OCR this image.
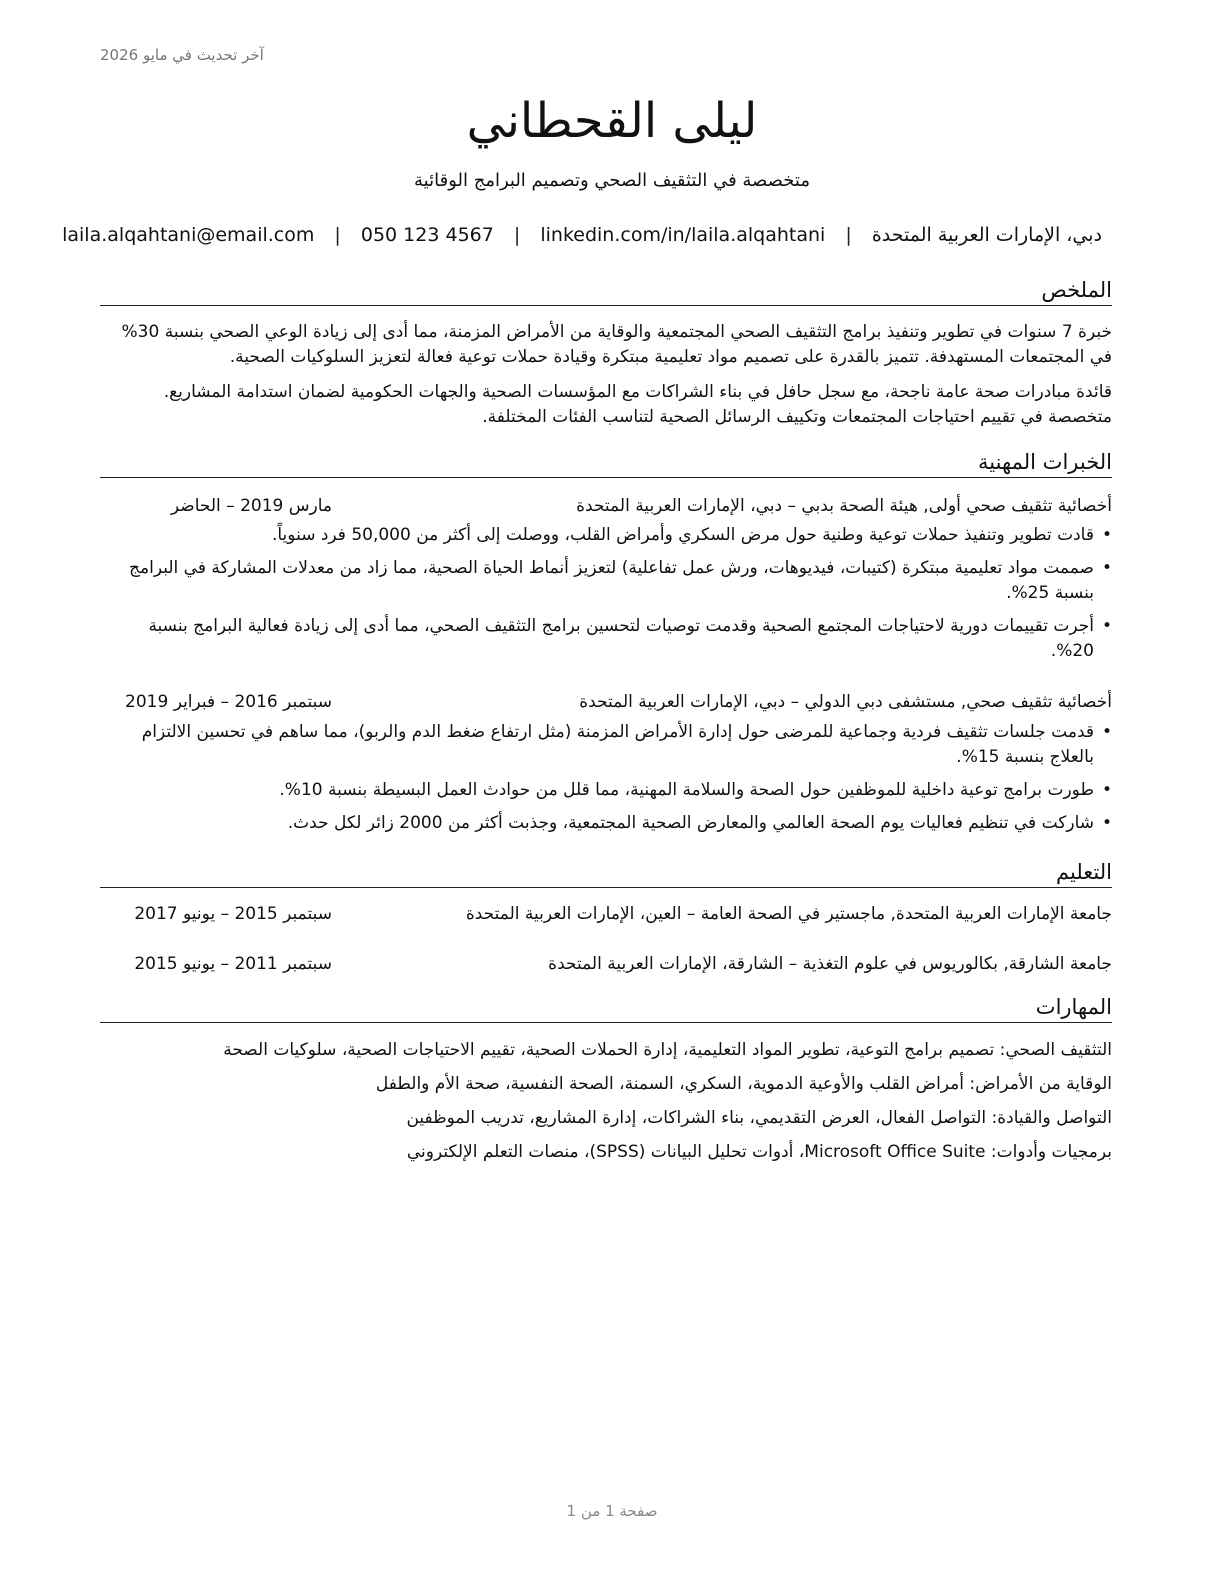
آخر تحديث في مايو 2026
ليلى القحطاني
متخصصة في التثقيف الصحي وتصميم البرامج الوقائية
دبي، الإمارات العربية المتحدة | laila.alqahtani@email.com | 050 123 4567 | linkedin.com/in/laila.alqahtani
الملخص

خبرة 7 سنوات في تطوير وتنفيذ برامج التثقيف الصحي المجتمعية والوقاية من الأمراض المزمنة، مما أدى إلى زيادة الوعي الصحي بنسبة 30% في المجتمعات المستهدفة. تتميز بالقدرة على تصميم مواد تعليمية مبتكرة وقيادة حملات توعية فعالة لتعزيز السلوكيات الصحية.

قائدة مبادرات صحة عامة ناجحة، مع سجل حافل في بناء الشراكات مع المؤسسات الصحية والجهات الحكومية لضمان استدامة المشاريع. متخصصة في تقييم احتياجات المجتمعات وتكييف الرسائل الصحية لتناسب الفئات المختلفة.

الخبرات المهنية
أخصائية تثقيف صحي أولى, هيئة الصحة بدبي – دبي، الإمارات العربية المتحدة
مارس 2019 – الحاضر
•
قادت تطوير وتنفيذ حملات توعية وطنية حول مرض السكري وأمراض القلب، ووصلت إلى أكثر من 50,000 فرد سنوياً.
•
صممت مواد تعليمية مبتكرة (كتيبات، فيديوهات، ورش عمل تفاعلية) لتعزيز أنماط الحياة الصحية، مما زاد من معدلات المشاركة في البرامج بنسبة 25%.
•
أجرت تقييمات دورية لاحتياجات المجتمع الصحية وقدمت توصيات لتحسين برامج التثقيف الصحي، مما أدى إلى زيادة فعالية البرامج بنسبة 20%.
أخصائية تثقيف صحي, مستشفى دبي الدولي – دبي، الإمارات العربية المتحدة
سبتمبر 2016 – فبراير 2019
•
قدمت جلسات تثقيف فردية وجماعية للمرضى حول إدارة الأمراض المزمنة (مثل ارتفاع ضغط الدم والربو)، مما ساهم في تحسين الالتزام بالعلاج بنسبة 15%.
•
طورت برامج توعية داخلية للموظفين حول الصحة والسلامة المهنية، مما قلل من حوادث العمل البسيطة بنسبة 10%.
•
شاركت في تنظيم فعاليات يوم الصحة العالمي والمعارض الصحية المجتمعية، وجذبت أكثر من 2000 زائر لكل حدث.
التعليم
جامعة الإمارات العربية المتحدة, ماجستير في الصحة العامة – العين، الإمارات العربية المتحدة
سبتمبر 2015 – يونيو 2017
جامعة الشارقة, بكالوريوس في علوم التغذية – الشارقة، الإمارات العربية المتحدة
سبتمبر 2011 – يونيو 2015
المهارات
التثقيف الصحي: تصميم برامج التوعية، تطوير المواد التعليمية، إدارة الحملات الصحية، تقييم الاحتياجات الصحية، سلوكيات الصحة
الوقاية من الأمراض: أمراض القلب والأوعية الدموية، السكري، السمنة، الصحة النفسية، صحة الأم والطفل
التواصل والقيادة: التواصل الفعال، العرض التقديمي، بناء الشراكات، إدارة المشاريع، تدريب الموظفين
برمجيات وأدوات: Microsoft Office Suite، أدوات تحليل البيانات (SPSS)، منصات التعلم الإلكتروني
صفحة 1 من 1
